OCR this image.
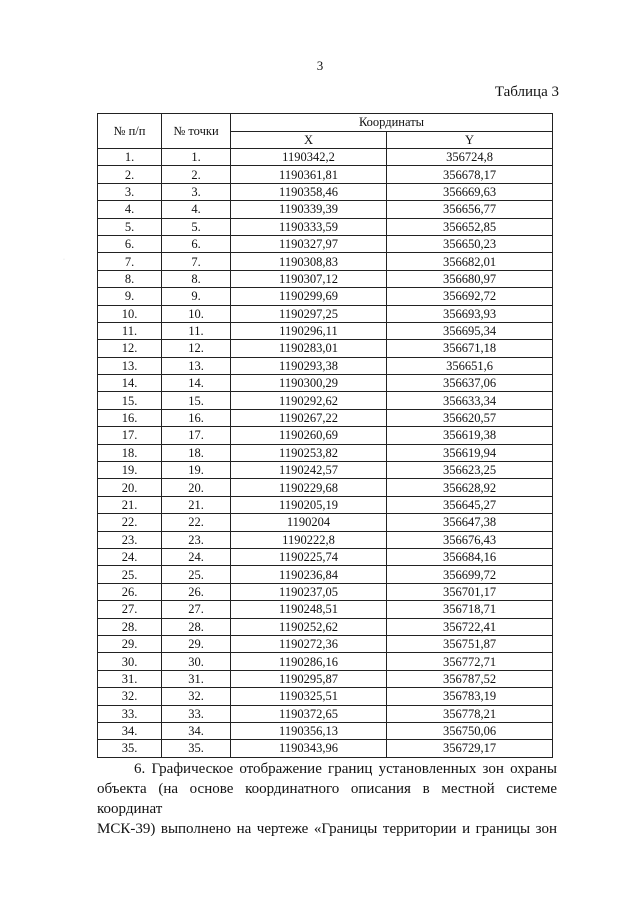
3
Таблица 3
·
№ п/п	№ точки	Координаты	
		X	Y
1.	1.	1190342,2	356724,8
2.	2.	1190361,81	356678,17
3.	3.	1190358,46	356669,63
4.	4.	1190339,39	356656,77
5.	5.	1190333,59	356652,85
6.	6.	1190327,97	356650,23
7.	7.	1190308,83	356682,01
8.	8.	1190307,12	356680,97
9.	9.	1190299,69	356692,72
10.	10.	1190297,25	356693,93
11.	11.	1190296,11	356695,34
12.	12.	1190283,01	356671,18
13.	13.	1190293,38	356651,6
14.	14.	1190300,29	356637,06
15.	15.	1190292,62	356633,34
16.	16.	1190267,22	356620,57
17.	17.	1190260,69	356619,38
18.	18.	1190253,82	356619,94
19.	19.	1190242,57	356623,25
20.	20.	1190229,68	356628,92
21.	21.	1190205,19	356645,27
22.	22.	1190204	356647,38
23.	23.	1190222,8	356676,43
24.	24.	1190225,74	356684,16
25.	25.	1190236,84	356699,72
26.	26.	1190237,05	356701,17
27.	27.	1190248,51	356718,71
28.	28.	1190252,62	356722,41
29.	29.	1190272,36	356751,87
30.	30.	1190286,16	356772,71
31.	31.	1190295,87	356787,52
32.	32.	1190325,51	356783,19
33.	33.	1190372,65	356778,21
34.	34.	1190356,13	356750,06
35.	35.	1190343,96	356729,17

6. Графическое отображение границ установленных зон охраны

объекта (на основе координатного описания в местной системе координат

МСК-39) выполнено на чертеже «Границы территории и границы зон
